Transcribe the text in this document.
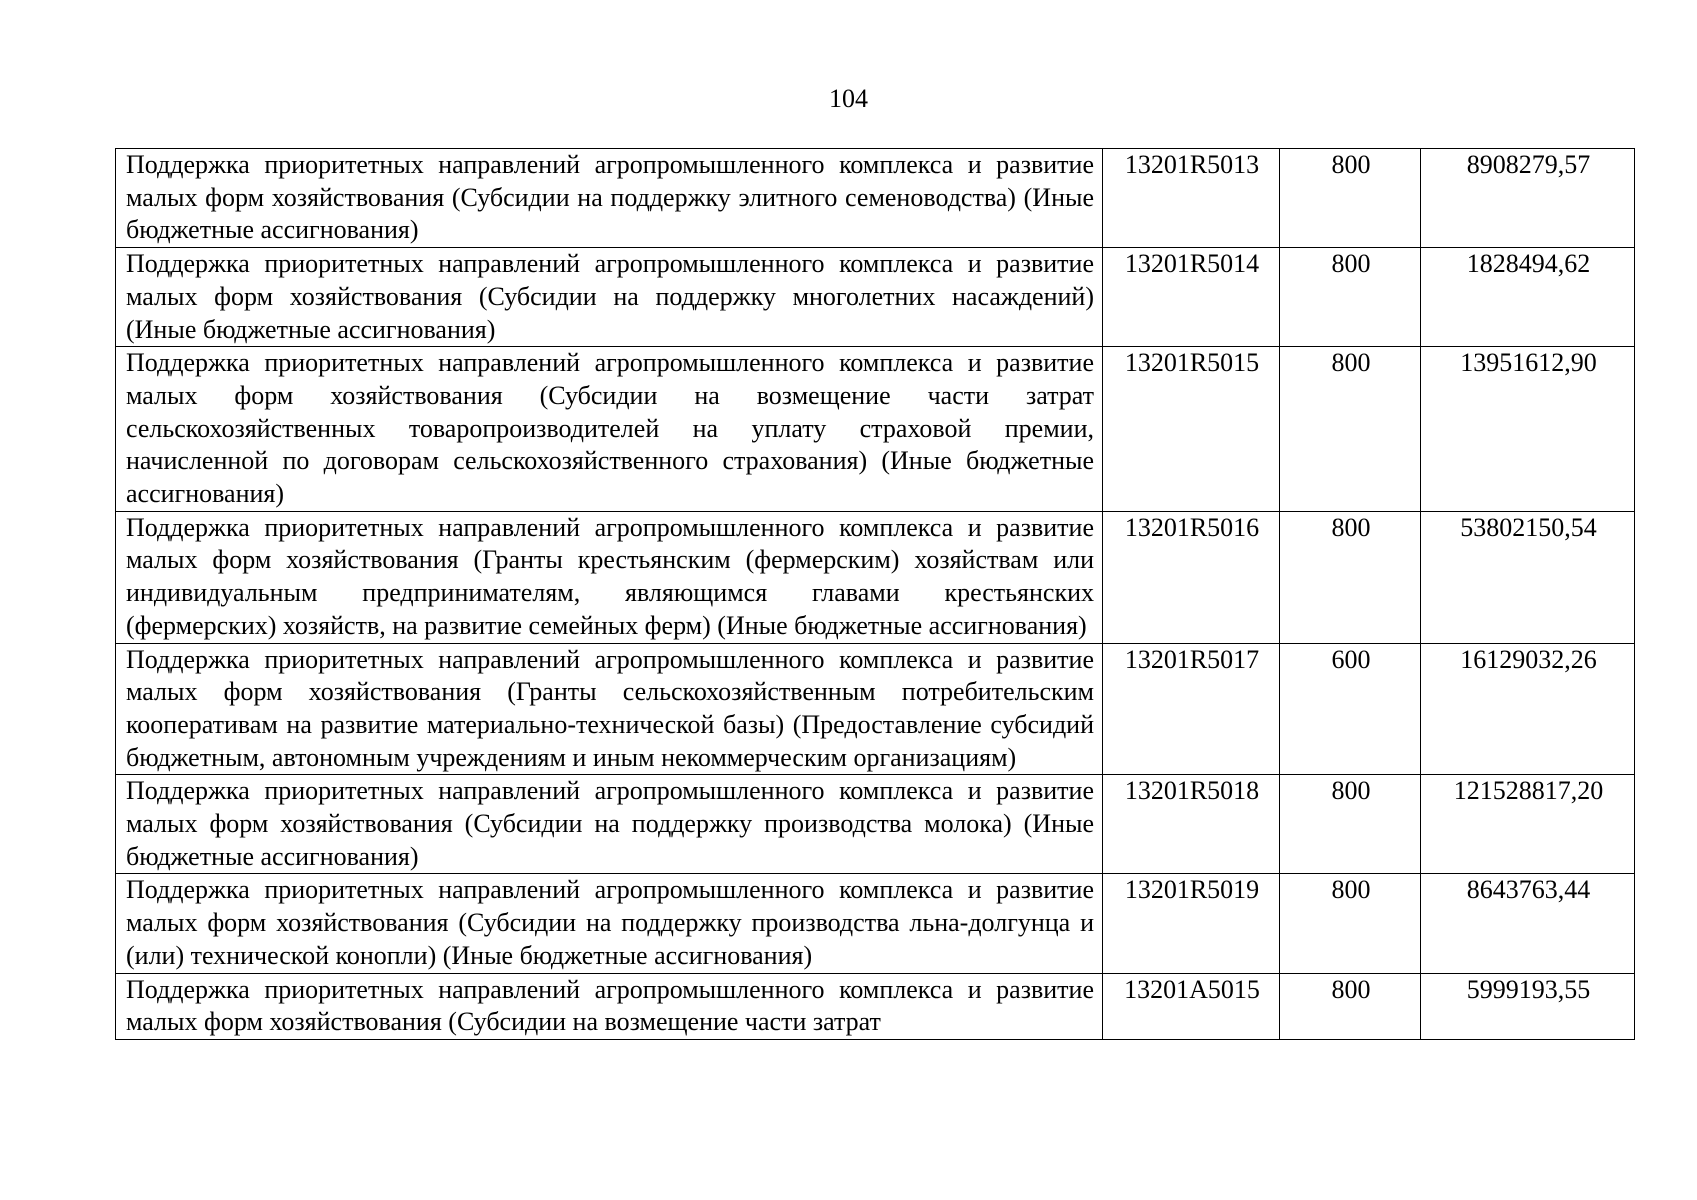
104
Поддержка приоритетных направлений агропромышленного комплекса и развитие малых форм хозяйствования (Субсидии на поддержку элитного семеноводства) (Иные бюджетные ассигнования)	13201R5013	800	8908279,57
Поддержка приоритетных направлений агропромышленного комплекса и развитие малых форм хозяйствования (Субсидии на поддержку многолетних насаждений) (Иные бюджетные ассигнования)	13201R5014	800	1828494,62
Поддержка приоритетных направлений агропромышленного комплекса и развитие малых форм хозяйствования (Субсидии на возмещение части затрат сельскохозяйственных товаропроизводителей на уплату страховой премии, начисленной по договорам сельскохозяйственного страхования) (Иные бюджетные ассигнования)	13201R5015	800	13951612,90
Поддержка приоритетных направлений агропромышленного комплекса и развитие малых форм хозяйствования (Гранты крестьянским (фермерским) хозяйствам или индивидуальным предпринимателям, являющимся главами крестьянских (фермерских) хозяйств, на развитие семейных ферм) (Иные бюджетные ассигнования)	13201R5016	800	53802150,54
Поддержка приоритетных направлений агропромышленного комплекса и развитие малых форм хозяйствования (Гранты сельскохозяйственным потребительским кооперативам на развитие материально-технической базы) (Предоставление субсидий бюджетным, автономным учреждениям и иным некоммерческим организациям)	13201R5017	600	16129032,26
Поддержка приоритетных направлений агропромышленного комплекса и развитие малых форм хозяйствования (Субсидии на поддержку производства молока) (Иные бюджетные ассигнования)	13201R5018	800	121528817,20
Поддержка приоритетных направлений агропромышленного комплекса и развитие малых форм хозяйствования (Субсидии на поддержку производства льна-долгунца и (или) технической конопли) (Иные бюджетные ассигнования)	13201R5019	800	8643763,44
Поддержка приоритетных направлений агропромышленного комплекса и развитие малых форм хозяйствования (Субсидии на возмещение части затрат	13201A5015	800	5999193,55
